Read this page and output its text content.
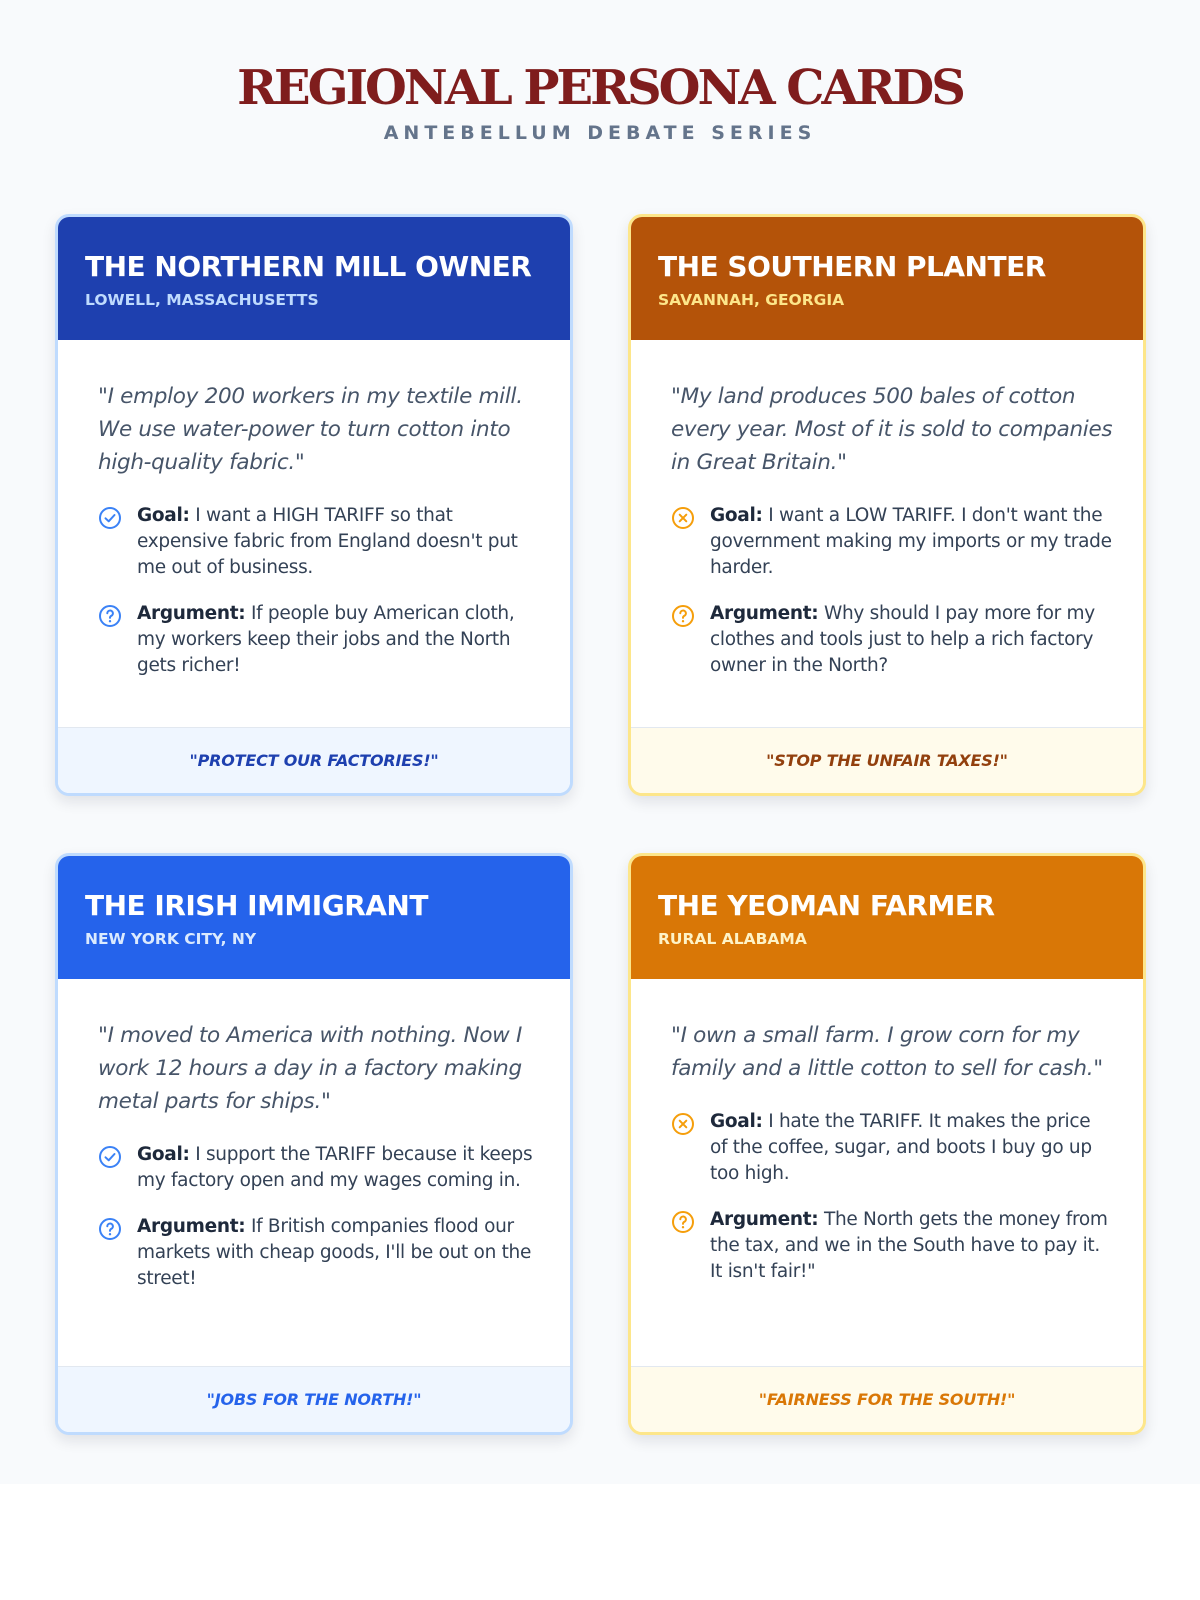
REGIONAL PERSONA CARDS
ANTEBELLUM DEBATE SERIES
THE NORTHERN MILL OWNER
LOWELL, MASSACHUSETTS
"I employ 200 workers in my textile mill. We use water-power to turn cotton into high-quality fabric."
Goal: I want a HIGH TARIFF so that expensive fabric from England doesn't put me out of business.
Argument: If people buy American cloth, my workers keep their jobs and the North gets richer!
"PROTECT OUR FACTORIES!"
THE SOUTHERN PLANTER
SAVANNAH, GEORGIA
"My land produces 500 bales of cotton every year. Most of it is sold to companies in Great Britain."
Goal: I want a LOW TARIFF. I don't want the government making my imports or my trade harder.
Argument: Why should I pay more for my clothes and tools just to help a rich factory owner in the North?
"STOP THE UNFAIR TAXES!"
THE IRISH IMMIGRANT
NEW YORK CITY, NY
"I moved to America with nothing. Now I work 12 hours a day in a factory making metal parts for ships."
Goal: I support the TARIFF because it keeps my factory open and my wages coming in.
Argument: If British companies flood our markets with cheap goods, I'll be out on the street!
"JOBS FOR THE NORTH!"
THE YEOMAN FARMER
RURAL ALABAMA
"I own a small farm. I grow corn for my family and a little cotton to sell for cash."
Goal: I hate the TARIFF. It makes the price of the coffee, sugar, and boots I buy go up too high.
Argument: The North gets the money from the tax, and we in the South have to pay it. It isn't fair!"
"FAIRNESS FOR THE SOUTH!"
